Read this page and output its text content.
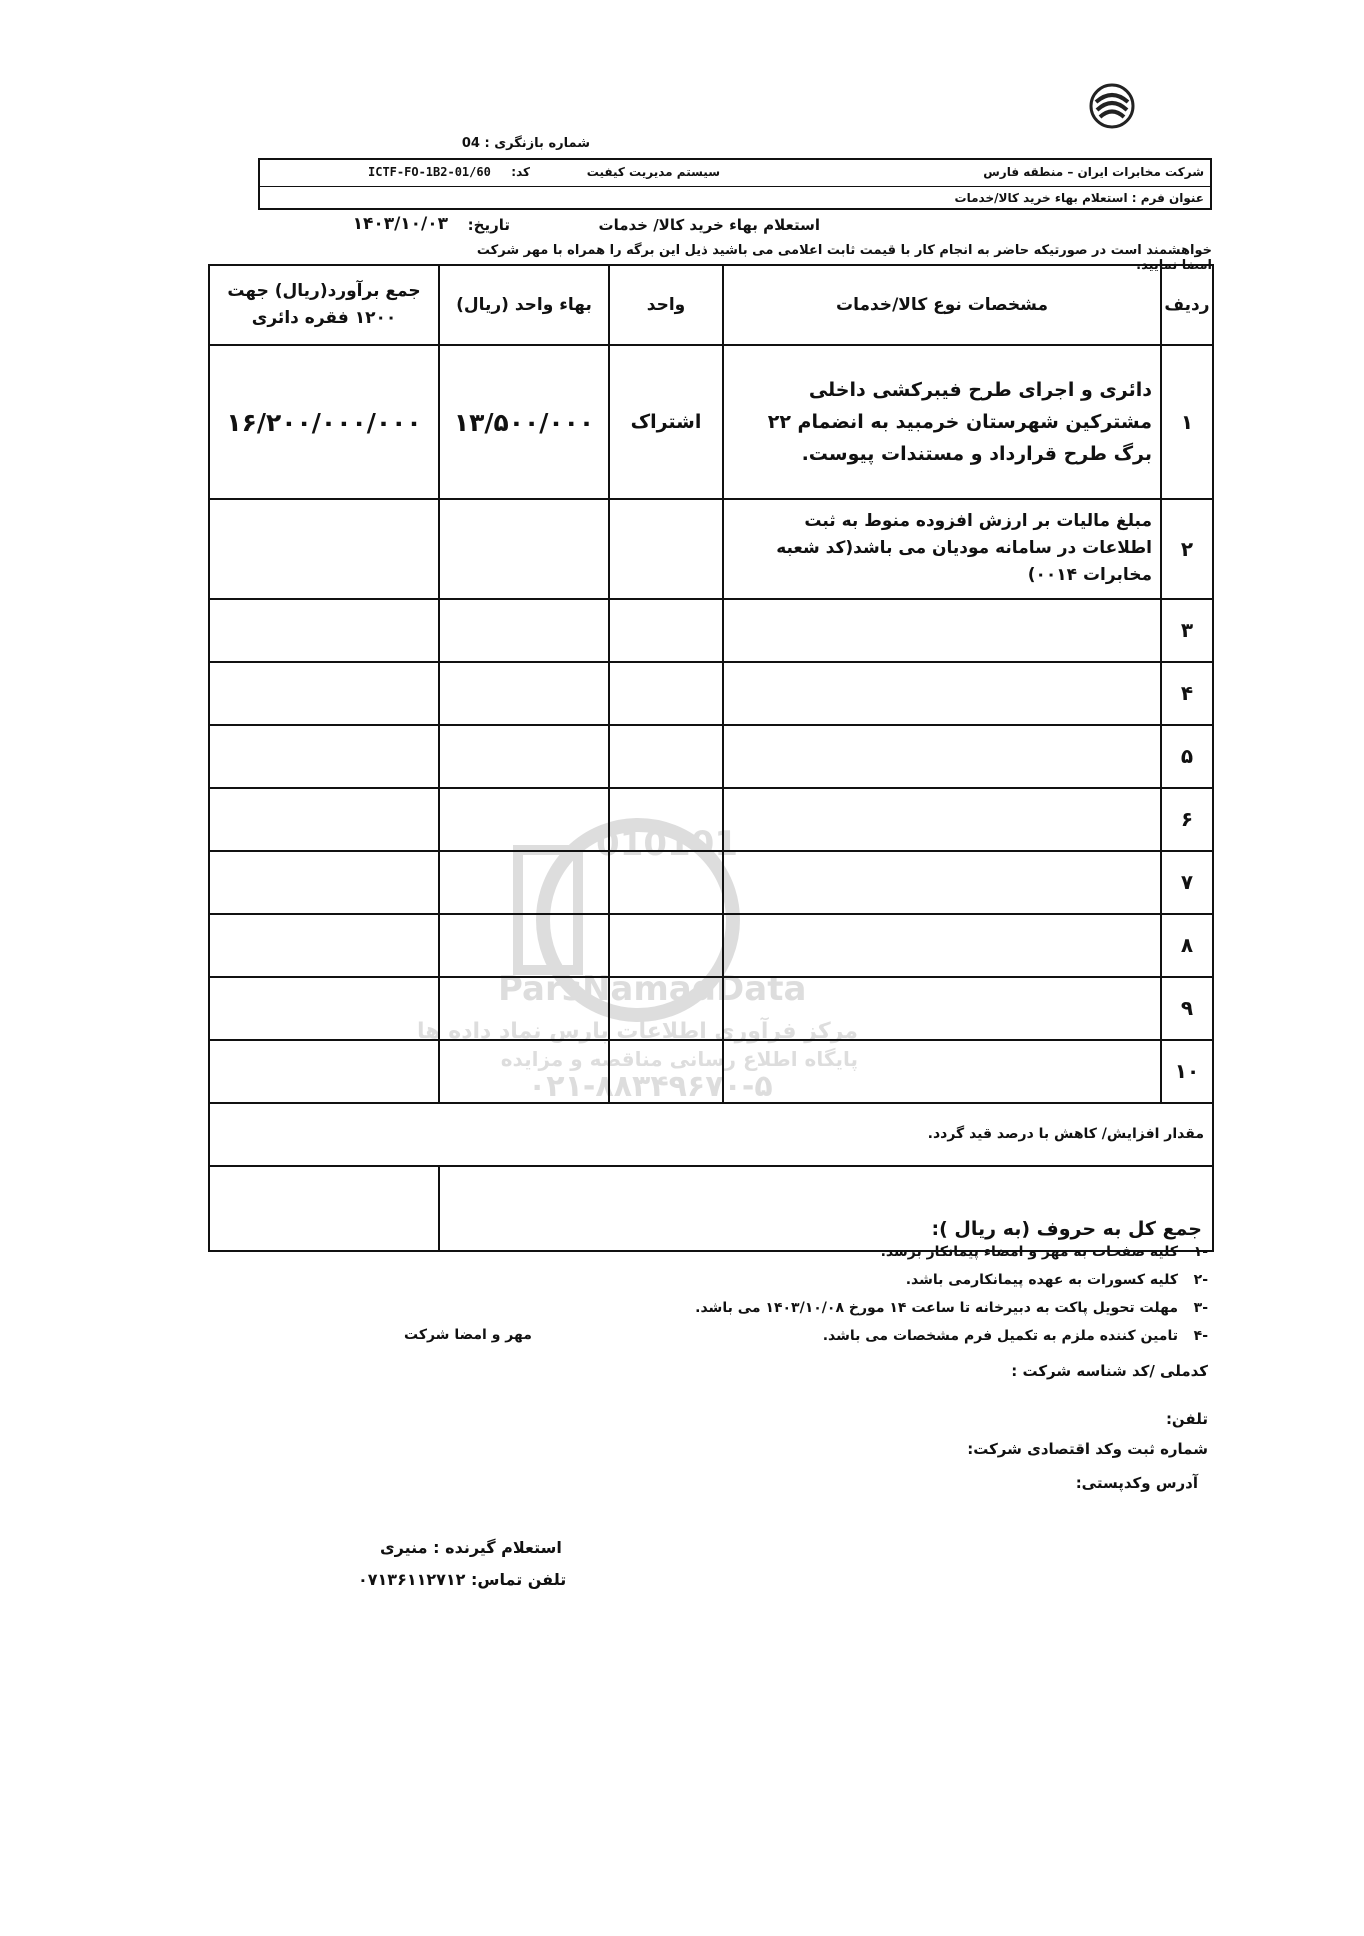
شماره بازنگری : 04
شرکت مخابرات ایران – منطقه فارس
سیستم مدیریت کیفیت
کد:
ICTF-FO-1B2-01/60
عنوان فرم : استعلام بهاء خرید کالا/خدمات
استعلام بهاء خرید کالا/ خدمات
تاریخ:
۱۴۰۳/۱۰/۰۳
خواهشمند است در صورتیکه حاضر به انجام کار با قیمت ثابت اعلامی می باشید ذیل این برگه را همراه با مهر شرکت امضا نمایید.
010101
ParsNamadData
مرکز فرآوری اطلاعات پارس نماد داده ها
پایگاه اطلاع رسانی مناقصه و مزایده
۰۲۱-۸۸۳۴۹۶۷۰-۵
ردیف	مشخصات نوع کالا/خدمات	واحد	بهاء واحد (ریال)	جمع برآورد(ریال) جهت ۱۲۰۰ فقره دائری
۱	دائری و اجرای طرح فیبرکشی داخلی مشترکین شهرستان خرمبید به انضمام ۲۲ برگ طرح قرارداد و مستندات پیوست.	اشتراک	۱۳/۵۰۰/۰۰۰	۱۶/۲۰۰/۰۰۰/۰۰۰
۲	مبلغ مالیات بر ارزش افزوده منوط به ثبت اطلاعات در سامانه مودیان می باشد(کد شعبه مخابرات ۰۰۱۴)			
۳				
۴				
۵				
۶				
۷				
۸				
۹				
۱۰				
مقدار افزایش/ کاهش با درصد قید گردد.				
جمع کل به حروف (به ریال ):				
-۱
کلیه صفحات به مهر و امضاء پیمانکار برسد.
-۲
کلیه کسورات به عهده پیمانکارمی باشد.
-۳
مهلت تحویل پاکت به دبیرخانه تا ساعت ۱۴ مورخ ۱۴۰۳/۱۰/۰۸ می باشد.
-۴
تامین کننده ملزم به تکمیل فرم مشخصات می باشد.
مهر و امضا شرکت
کدملی /کد شناسه شرکت :
تلفن:
شماره ثبت وکد اقتصادی شرکت:
آدرس وکدپستی:
استعلام گیرنده : منیری
تلفن تماس: ۰۷۱۳۶۱۱۲۷۱۲
